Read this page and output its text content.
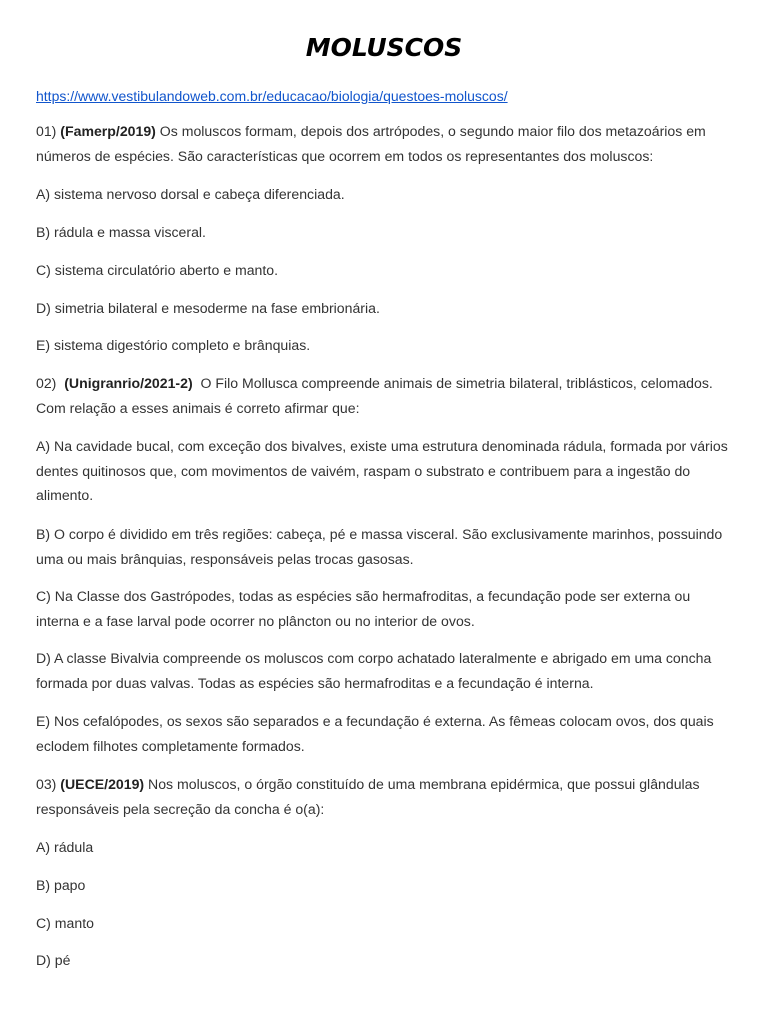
MOLUSCOS
https://www.vestibulandoweb.com.br/educacao/biologia/questoes-moluscos/

01) (Famerp/2019) Os moluscos formam, depois dos artrópodes, o segundo maior filo dos metazoários em números de espécies. São características que ocorrem em todos os representantes dos moluscos:

A) sistema nervoso dorsal e cabeça diferenciada.

B) rádula e massa visceral.

C) sistema circulatório aberto e manto.

D) simetria bilateral e mesoderme na fase embrionária.

E) sistema digestório completo e brânquias.

02) (Unigranrio/2021-2) O Filo Mollusca compreende animais de simetria bilateral, triblásticos, celomados. Com relação a esses animais é correto afirmar que:

A) Na cavidade bucal, com exceção dos bivalves, existe uma estrutura denominada rádula, formada por vários dentes quitinosos que, com movimentos de vaivém, raspam o substrato e contribuem para a ingestão do alimento.

B) O corpo é dividido em três regiões: cabeça, pé e massa visceral. São exclusivamente marinhos, possuindo uma ou mais brânquias, responsáveis pelas trocas gasosas.

C) Na Classe dos Gastrópodes, todas as espécies são hermafroditas, a fecundação pode ser externa ou interna e a fase larval pode ocorrer no plâncton ou no interior de ovos.

D) A classe Bivalvia compreende os moluscos com corpo achatado lateralmente e abrigado em uma concha formada por duas valvas. Todas as espécies são hermafroditas e a fecundação é interna.

E) Nos cefalópodes, os sexos são separados e a fecundação é externa. As fêmeas colocam ovos, dos quais eclodem filhotes completamente formados.

03) (UECE/2019) Nos moluscos, o órgão constituído de uma membrana epidérmica, que possui glândulas responsáveis pela secreção da concha é o(a):

A) rádula

B) papo

C) manto

D) pé
